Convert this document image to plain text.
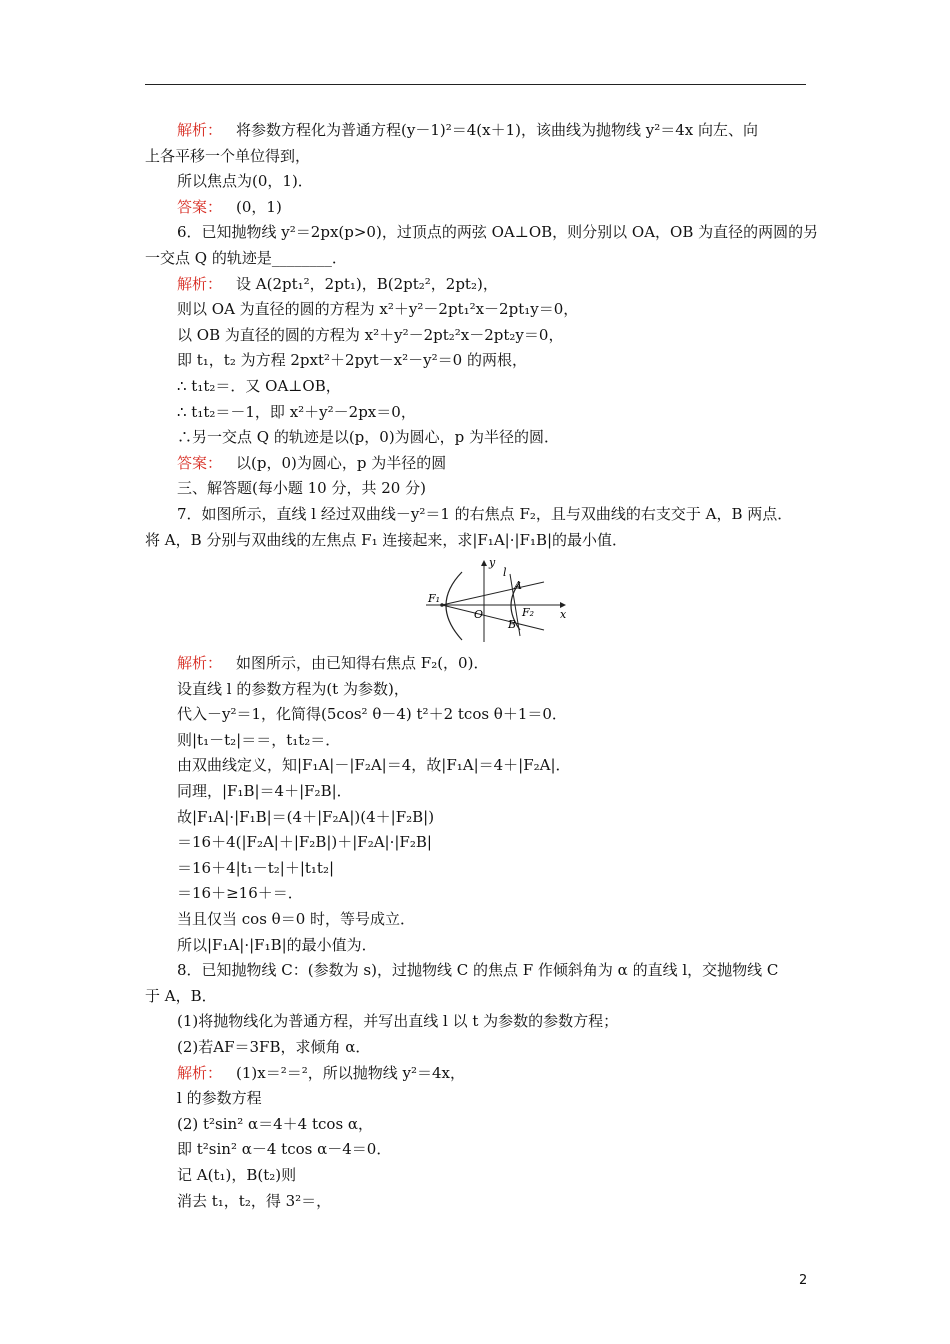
解析： 将参数方程化为普通方程(y－1)²＝4(x＋1)，该曲线为抛物线 y²＝4x 向左、向
上各平移一个单位得到，
所以焦点为(0，1)．
答案： (0，1)
6．已知抛物线 y²＝2px(p>0)，过顶点的两弦 OA⊥OB，则分别以 OA，OB 为直径的两圆的另
一交点 Q 的轨迹是________．
解析： 设 A(2pt₁²，2pt₁)，B(2pt₂²，2pt₂)，
则以 OA 为直径的圆的方程为 x²＋y²－2pt₁²x－2pt₁y＝0，
以 OB 为直径的圆的方程为 x²＋y²－2pt₂²x－2pt₂y＝0，
即 t₁，t₂ 为方程 2pxt²＋2pyt－x²－y²＝0 的两根，
∴ t₁t₂＝．又 OA⊥OB，
∴ t₁t₂＝－1，即 x²＋y²－2px＝0，
∴另一交点 Q 的轨迹是以(p，0)为圆心，p 为半径的圆．
答案： 以(p，0)为圆心，p 为半径的圆
三、解答题(每小题 10 分，共 20 分)
7．如图所示，直线 l 经过双曲线－y²＝1 的右焦点 F₂，且与双曲线的右支交于 A，B 两点．
将 A，B 分别与双曲线的左焦点 F₁ 连接起来，求|F₁A|·|F₁B|的最小值．
F₁
y
x
O
l
A
B
F₂
解析： 如图所示，由已知得右焦点 F₂(，0)．
设直线 l 的参数方程为(t 为参数)，
代入－y²＝1，化简得(5cos² θ－4) t²＋2 tcos θ＋1＝0．
则|t₁－t₂|＝＝，t₁t₂＝．
由双曲线定义，知|F₁A|－|F₂A|＝4，故|F₁A|＝4＋|F₂A|．
同理，|F₁B|＝4＋|F₂B|．
故|F₁A|·|F₁B|＝(4＋|F₂A|)(4＋|F₂B|)
＝16＋4(|F₂A|＋|F₂B|)＋|F₂A|·|F₂B|
＝16＋4|t₁－t₂|＋|t₁t₂|
＝16＋≥16＋＝．
当且仅当 cos θ＝0 时，等号成立．
所以|F₁A|·|F₁B|的最小值为．
8．已知抛物线 C：(参数为 s)，过抛物线 C 的焦点 F 作倾斜角为 α 的直线 l，交抛物线 C
于 A，B．
(1)将抛物线化为普通方程，并写出直线 l 以 t 为参数的参数方程；
(2)若AF＝3FB，求倾角 α．
解析： (1)x＝²＝²，所以抛物线 y²＝4x，
l 的参数方程
(2) t²sin² α＝4＋4 tcos α，
即 t²sin² α－4 tcos α－4＝0．
记 A(t₁)，B(t₂)则
消去 t₁，t₂，得 3²＝，
2
